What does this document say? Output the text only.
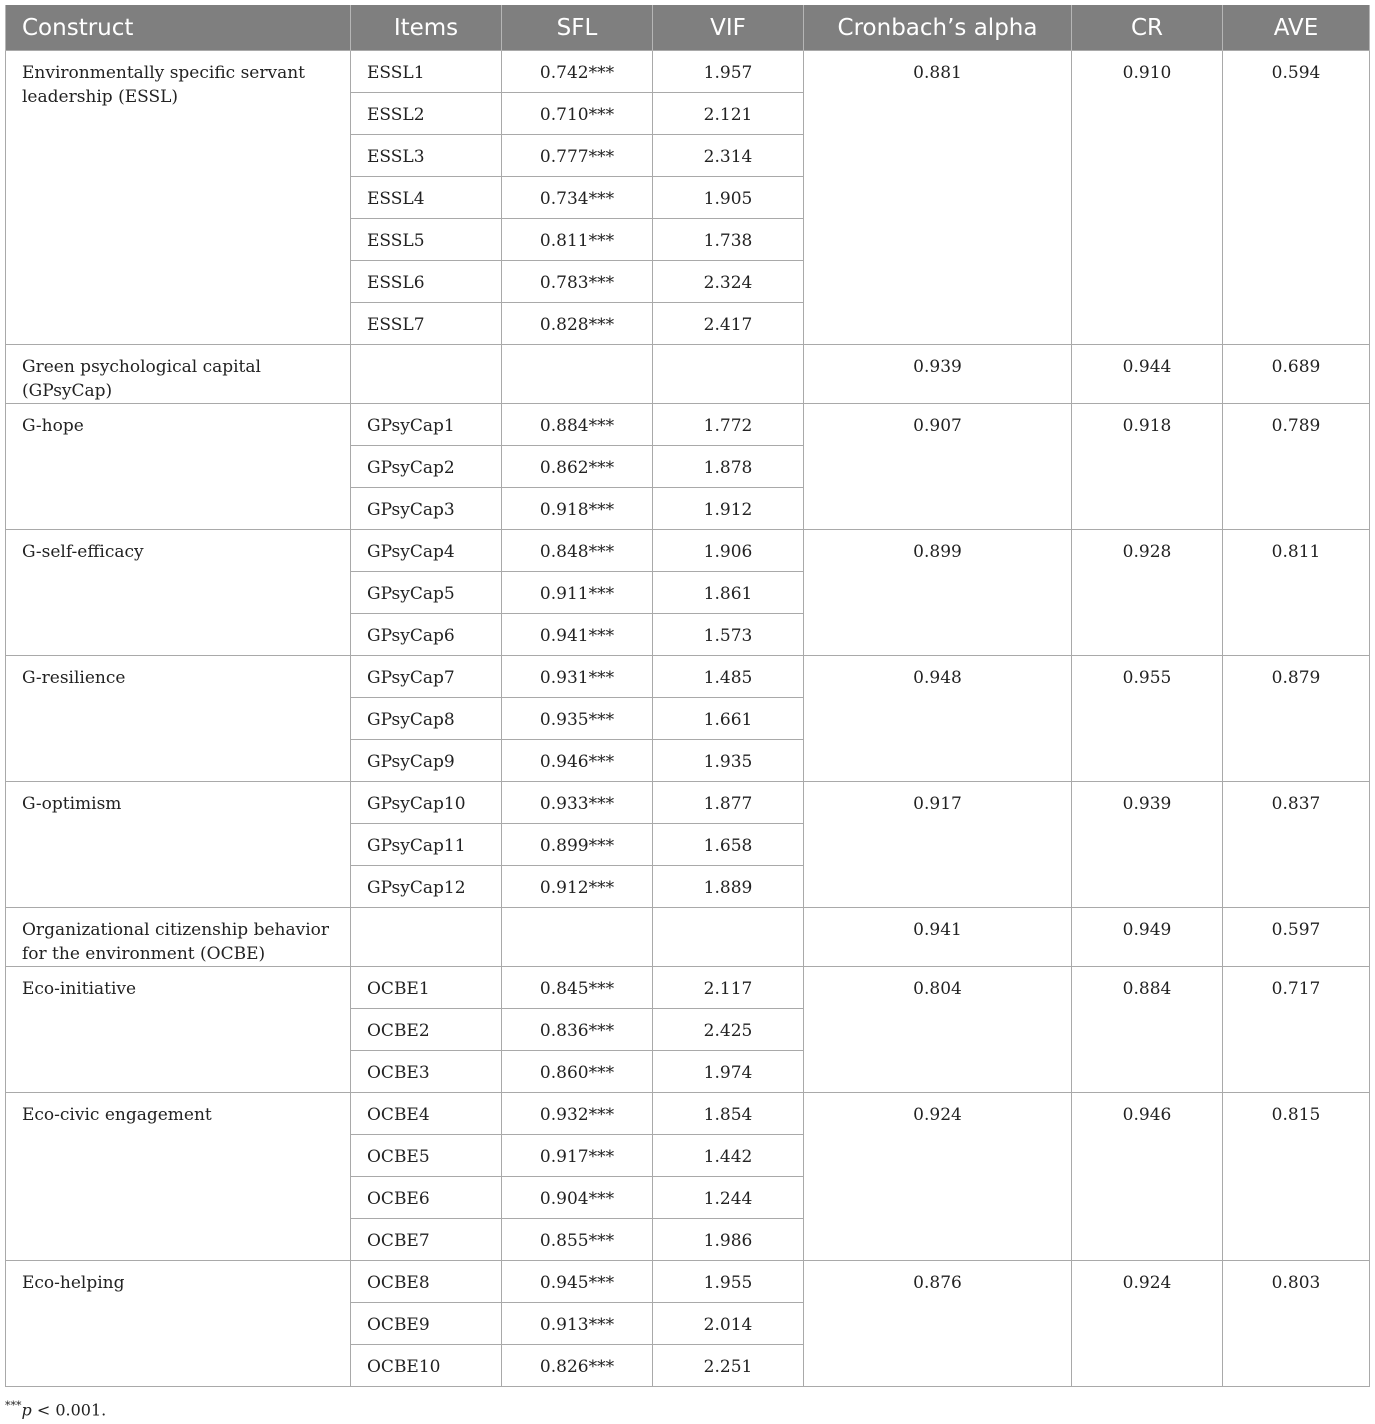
Construct	Items	SFL	VIF	Cronbach’s alpha	CR	AVE
Environmentally specific servant leadership (ESSL)	ESSL1	0.742***	1.957	0.881	0.910	0.594
	ESSL2	0.710***	2.121			
	ESSL3	0.777***	2.314			
	ESSL4	0.734***	1.905			
	ESSL5	0.811***	1.738			
	ESSL6	0.783***	2.324			
	ESSL7	0.828***	2.417			
Green psychological capital (GPsyCap)				0.939	0.944	0.689
G-hope	GPsyCap1	0.884***	1.772	0.907	0.918	0.789
	GPsyCap2	0.862***	1.878			
	GPsyCap3	0.918***	1.912			
G-self-efficacy	GPsyCap4	0.848***	1.906	0.899	0.928	0.811
	GPsyCap5	0.911***	1.861			
	GPsyCap6	0.941***	1.573			
G-resilience	GPsyCap7	0.931***	1.485	0.948	0.955	0.879
	GPsyCap8	0.935***	1.661			
	GPsyCap9	0.946***	1.935			
G-optimism	GPsyCap10	0.933***	1.877	0.917	0.939	0.837
	GPsyCap11	0.899***	1.658			
	GPsyCap12	0.912***	1.889			
Organizational citizenship behavior for the environment (OCBE)				0.941	0.949	0.597
Eco-initiative	OCBE1	0.845***	2.117	0.804	0.884	0.717
	OCBE2	0.836***	2.425			
	OCBE3	0.860***	1.974			
Eco-civic engagement	OCBE4	0.932***	1.854	0.924	0.946	0.815
	OCBE5	0.917***	1.442			
	OCBE6	0.904***	1.244			
	OCBE7	0.855***	1.986			
Eco-helping	OCBE8	0.945***	1.955	0.876	0.924	0.803
	OCBE9	0.913***	2.014			
	OCBE10	0.826***	2.251			
***p < 0.001.
